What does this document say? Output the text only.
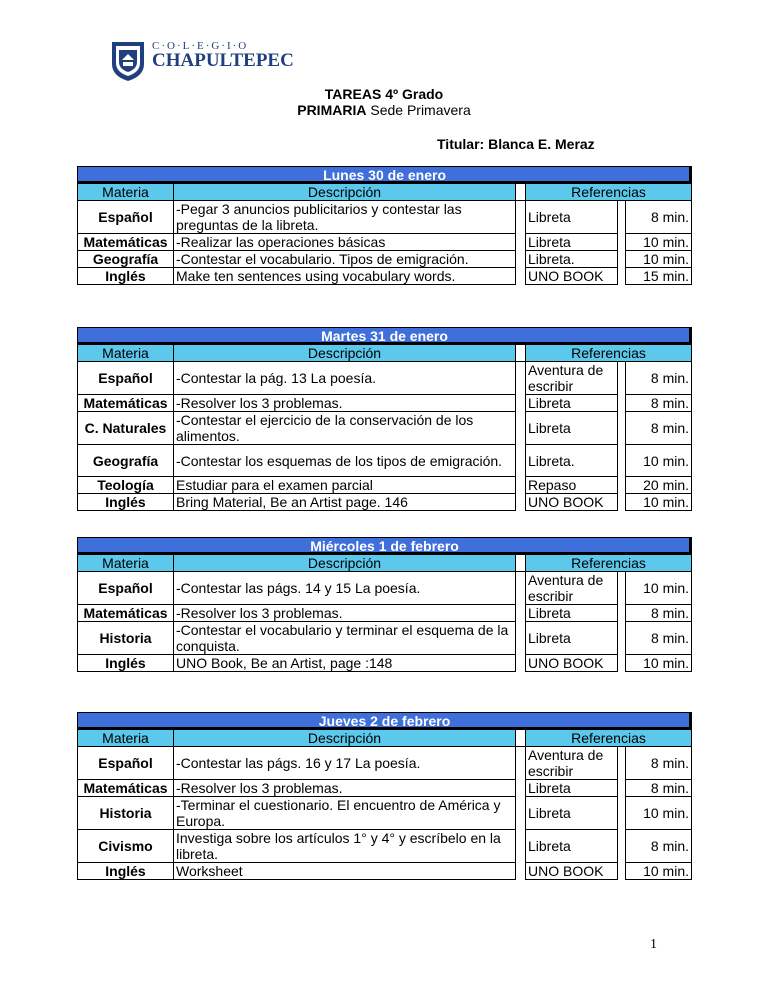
C·O·L·E·G·I·O
CHAPULTEPEC
TAREAS 4º Grado
PRIMARIA Sede Primavera
Titular: Blanca E. Meraz
Lunes 30 de enero					
Materia	Descripción		Referencias		
Español	-Pegar 3 anuncios publicitarios y contestar las preguntas de la libreta.		Libreta		8 min.
Matemáticas	-Realizar las operaciones básicas		Libreta		10 min.
Geografía	-Contestar el vocabulario. Tipos de emigración.		Libreta.		10 min.
Inglés	Make ten sentences using vocabulary words.		UNO BOOK		15 min.
Martes 31 de enero					
Materia	Descripción		Referencias		
Español	-Contestar la pág. 13 La poesía.		Aventura de escribir		8 min.
Matemáticas	-Resolver los 3 problemas.		Libreta		8 min.
C. Naturales	-Contestar el ejercicio de la conservación de los alimentos.		Libreta		8 min.
Geografía	-Contestar los esquemas de los tipos de emigración.		Libreta.		10 min.
Teología	Estudiar para el examen parcial		Repaso		20 min.
Inglés	Bring Material, Be an Artist page. 146		UNO BOOK		10 min.
Miércoles 1 de febrero					
Materia	Descripción		Referencias		
Español	-Contestar las págs. 14 y 15 La poesía.		Aventura de escribir		10 min.
Matemáticas	-Resolver los 3 problemas.		Libreta		8 min.
Historia	-Contestar el vocabulario y terminar el esquema de la conquista.		Libreta		8 min.
Inglés	UNO Book, Be an Artist, page :148		UNO BOOK		10 min.
Jueves 2 de febrero					
Materia	Descripción		Referencias		
Español	-Contestar las págs. 16 y 17 La poesía.		Aventura de escribir		8 min.
Matemáticas	-Resolver los 3 problemas.		Libreta		8 min.
Historia	-Terminar el cuestionario. El encuentro de América y Europa.		Libreta		10 min.
Civismo	Investiga sobre los artículos 1° y 4° y escríbelo en la libreta.		Libreta		8 min.
Inglés	Worksheet		UNO BOOK		10 min.
1
